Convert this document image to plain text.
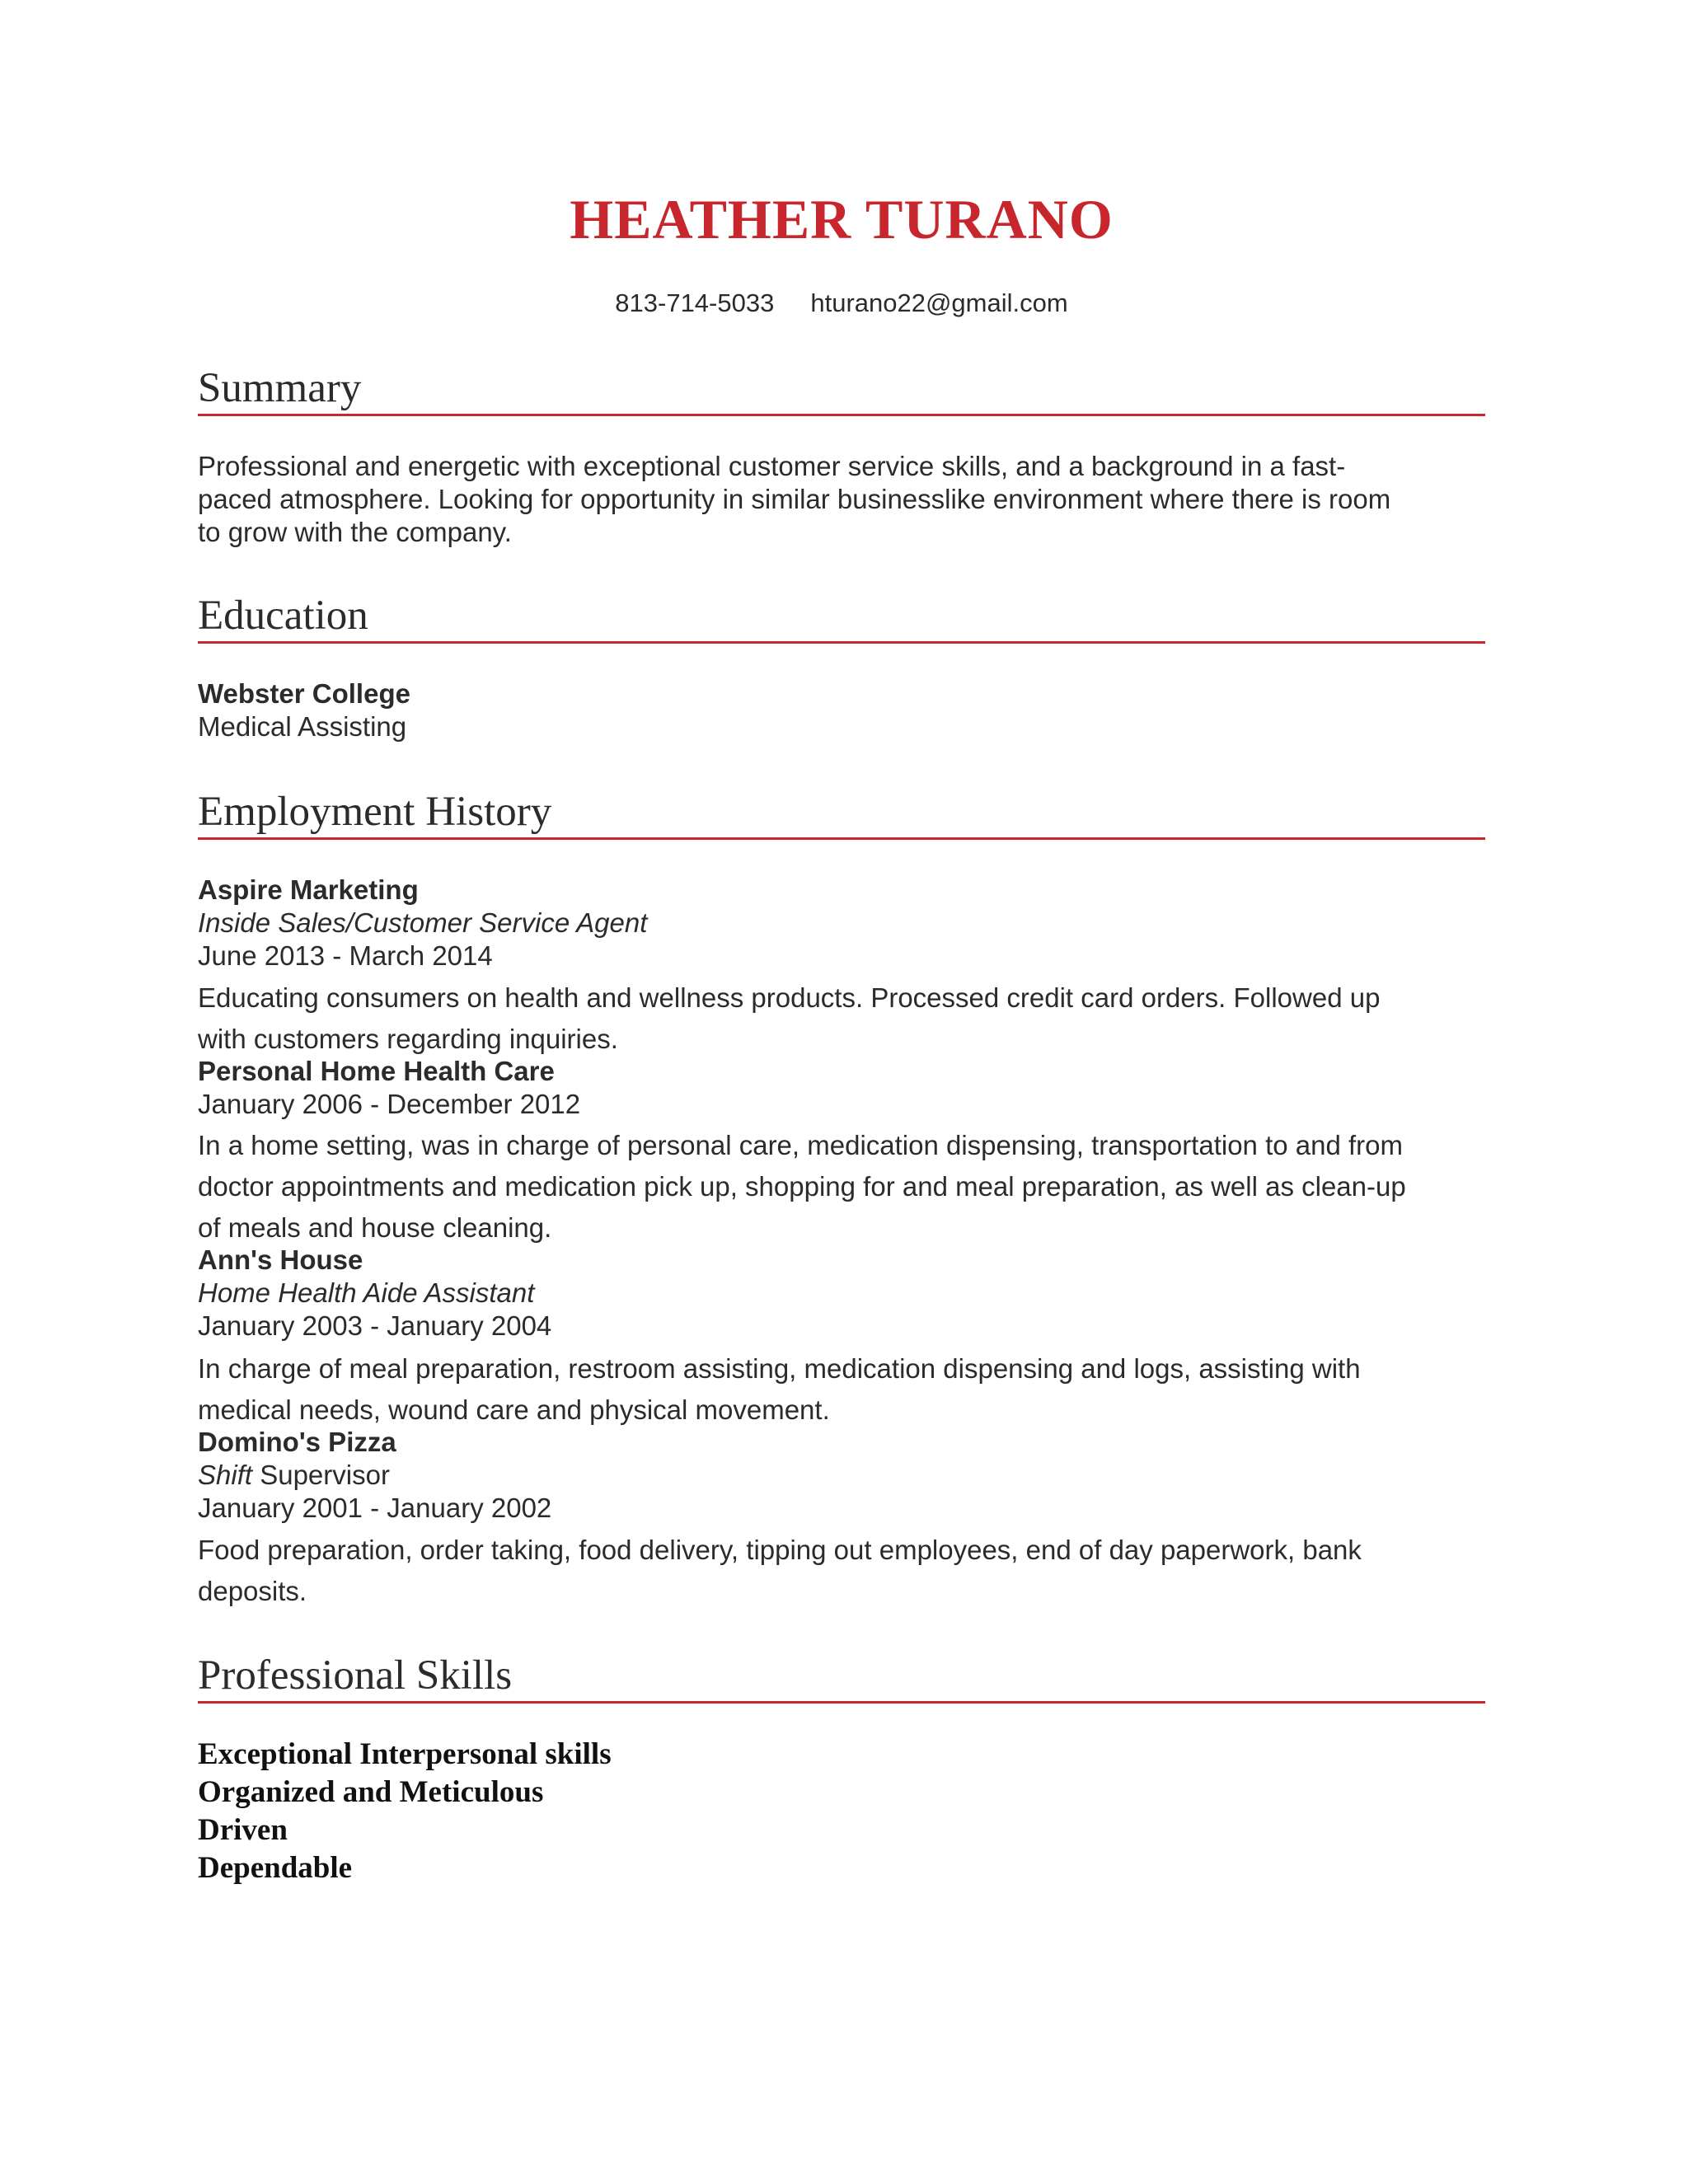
HEATHER TURANO
813-714-5033 hturano22@gmail.com
Summary
Professional and energetic with exceptional customer service skills, and a background in a fast-
paced atmosphere. Looking for opportunity in similar businesslike environment where there is room
to grow with the company.
Education
Webster College
Medical Assisting
Employment History
Aspire Marketing
Inside Sales/Customer Service Agent
June 2013 - March 2014
Educating consumers on health and wellness products. Processed credit card orders. Followed up
with customers regarding inquiries.
Personal Home Health Care
January 2006 - December 2012
In a home setting, was in charge of personal care, medication dispensing, transportation to and from
doctor appointments and medication pick up, shopping for and meal preparation, as well as clean-up
of meals and house cleaning.
Ann's House
Home Health Aide Assistant
January 2003 - January 2004
In charge of meal preparation, restroom assisting, medication dispensing and logs, assisting with
medical needs, wound care and physical movement.
Domino's Pizza
Shift Supervisor
January 2001 - January 2002
Food preparation, order taking, food delivery, tipping out employees, end of day paperwork, bank
deposits.
Professional Skills
Exceptional Interpersonal skills
Organized and Meticulous
Driven
Dependable
